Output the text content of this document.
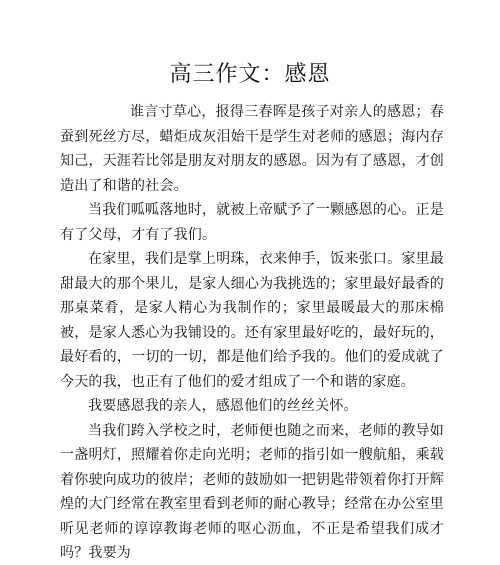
高三作文：感恩

谁言寸草心，报得三春晖是孩子对亲人的感恩；春蚕到死丝方尽，蜡炬成灰泪始干是学生对老师的感恩；海内存知己，天涯若比邻是朋友对朋友的感恩。因为有了感恩，才创造出了和谐的社会。

当我们呱呱落地时，就被上帝赋予了一颗感恩的心。正是有了父母，才有了我们。

在家里，我们是掌上明珠，衣来伸手，饭来张口。家里最甜最大的那个果儿，是家人细心为我挑选的；家里最好最香的那桌菜肴，是家人精心为我制作的；家里最暖最大的那床棉被，是家人悉心为我铺设的。还有家里最好吃的，最好玩的，最好看的，一切的一切，都是他们给予我的。他们的爱成就了今天的我，也正有了他们的爱才组成了一个和谐的家庭。

我要感恩我的亲人，感恩他们的丝丝关怀。

当我们跨入学校之时，老师便也随之而来，老师的教导如一盏明灯，照耀着你走向光明；老师的指引如一艘航船，乘载着你驶向成功的彼岸；老师的鼓励如一把钥匙带领着你打开辉煌的大门经常在教室里看到老师的耐心教导；经常在办公室里听见老师的谆谆教诲老师的呕心沥血，不正是希望我们成才吗？我要为
